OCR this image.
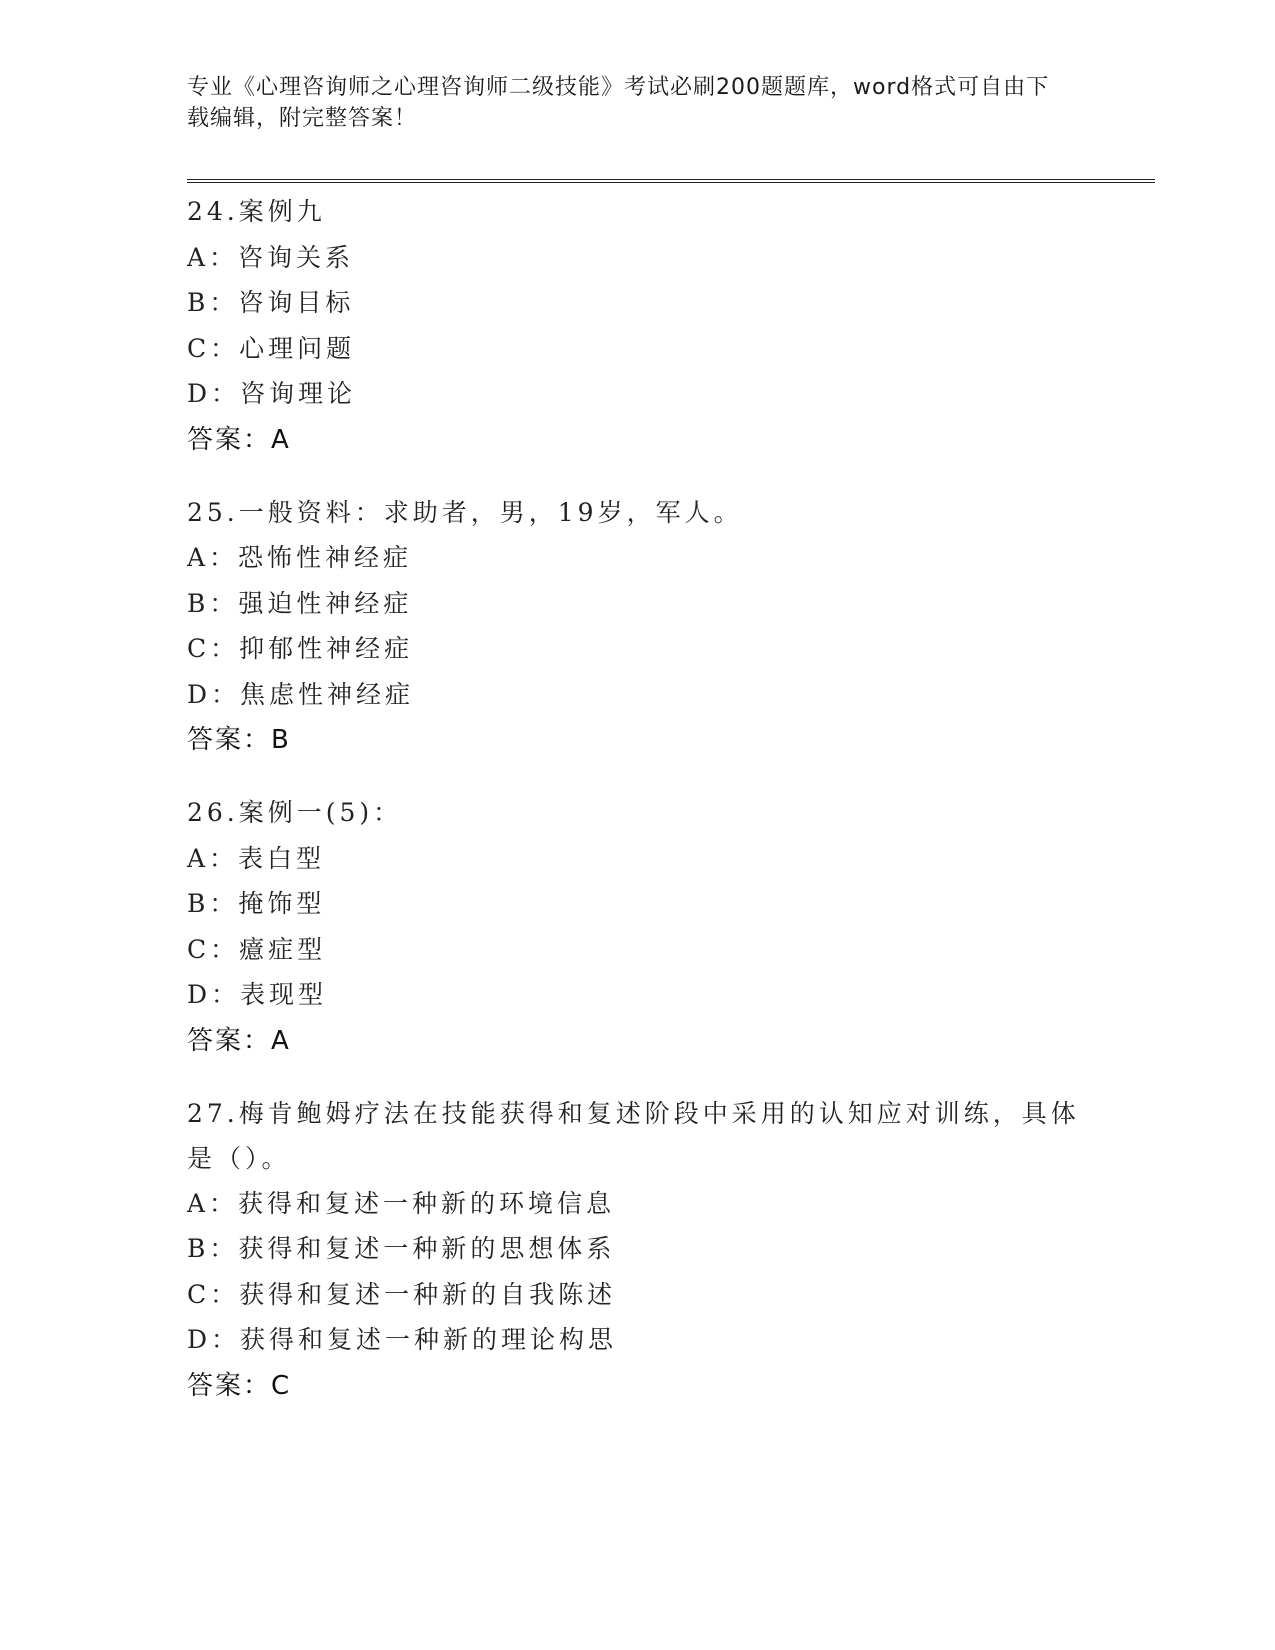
专业《心理咨询师之心理咨询师二级技能》考试必刷200题题库，word格式可自由下载编辑，附完整答案！

24.案例九

A：咨询关系

B：咨询目标

C：心理问题

D：咨询理论

答案：A

25.一般资料：求助者，男，19岁，军人。

A：恐怖性神经症

B：强迫性神经症

C：抑郁性神经症

D：焦虑性神经症

答案：B

26.案例一(5)：

A：表白型

B：掩饰型

C：癔症型

D：表现型

答案：A

27.梅肯鲍姆疗法在技能获得和复述阶段中采用的认知应对训练，具体是（）。

A：获得和复述一种新的环境信息

B：获得和复述一种新的思想体系

C：获得和复述一种新的自我陈述

D：获得和复述一种新的理论构思

答案：C
